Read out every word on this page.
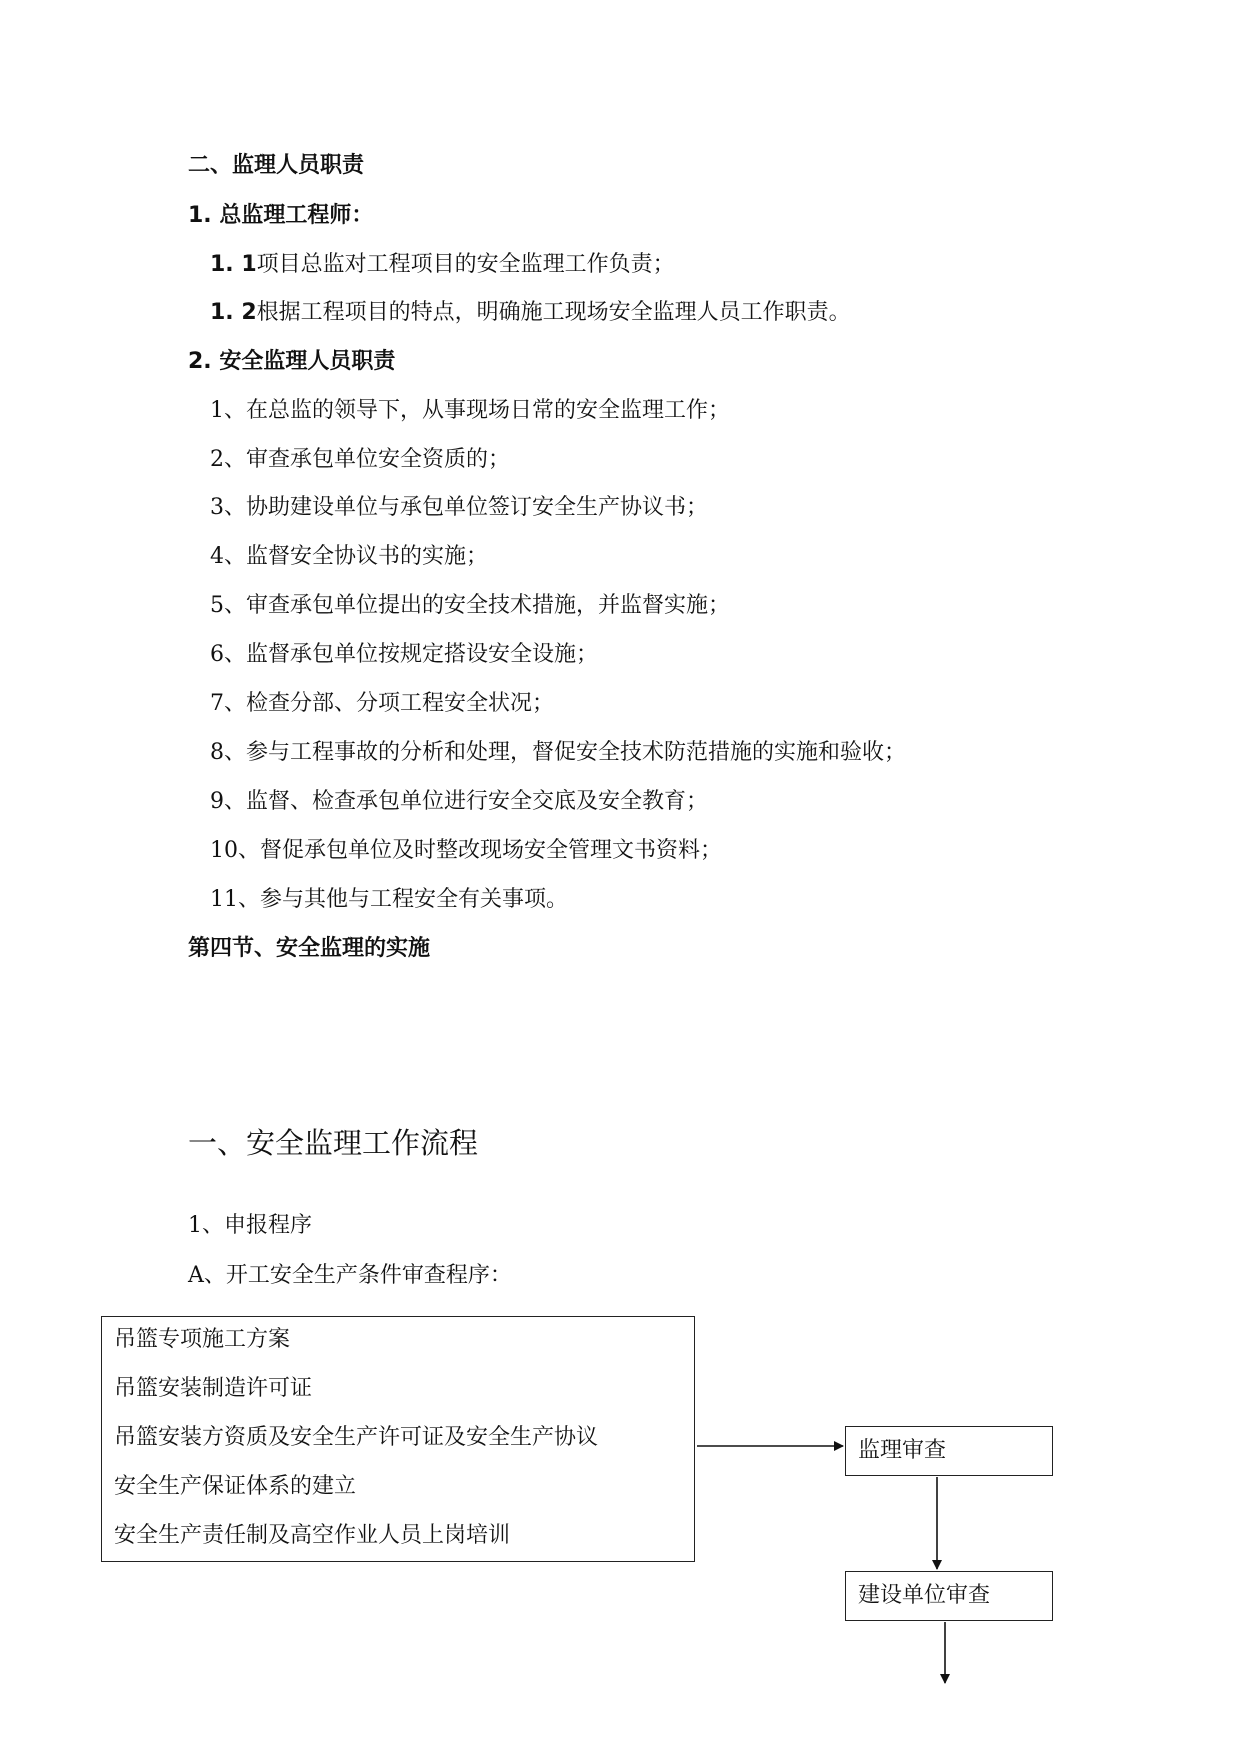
二、监理人员职责
1. 总监理工程师：
1. 1项目总监对工程项目的安全监理工作负责；
1. 2根据工程项目的特点，明确施工现场安全监理人员工作职责。
2. 安全监理人员职责
1、在总监的领导下，从事现场日常的安全监理工作；
2、审查承包单位安全资质的；
3、协助建设单位与承包单位签订安全生产协议书；
4、监督安全协议书的实施；
5、审查承包单位提出的安全技术措施，并监督实施；
6、监督承包单位按规定搭设安全设施；
7、检查分部、分项工程安全状况；
8、参与工程事故的分析和处理，督促安全技术防范措施的实施和验收；
9、监督、检查承包单位进行安全交底及安全教育；
10、督促承包单位及时整改现场安全管理文书资料；
11、参与其他与工程安全有关事项。
第四节、安全监理的实施
一、安全监理工作流程
1、申报程序
A、开工安全生产条件审查程序：
吊篮专项施工方案
吊篮安装制造许可证
吊篮安装方资质及安全生产许可证及安全生产协议
安全生产保证体系的建立
安全生产责任制及高空作业人员上岗培训
监理审查
建设单位审查
